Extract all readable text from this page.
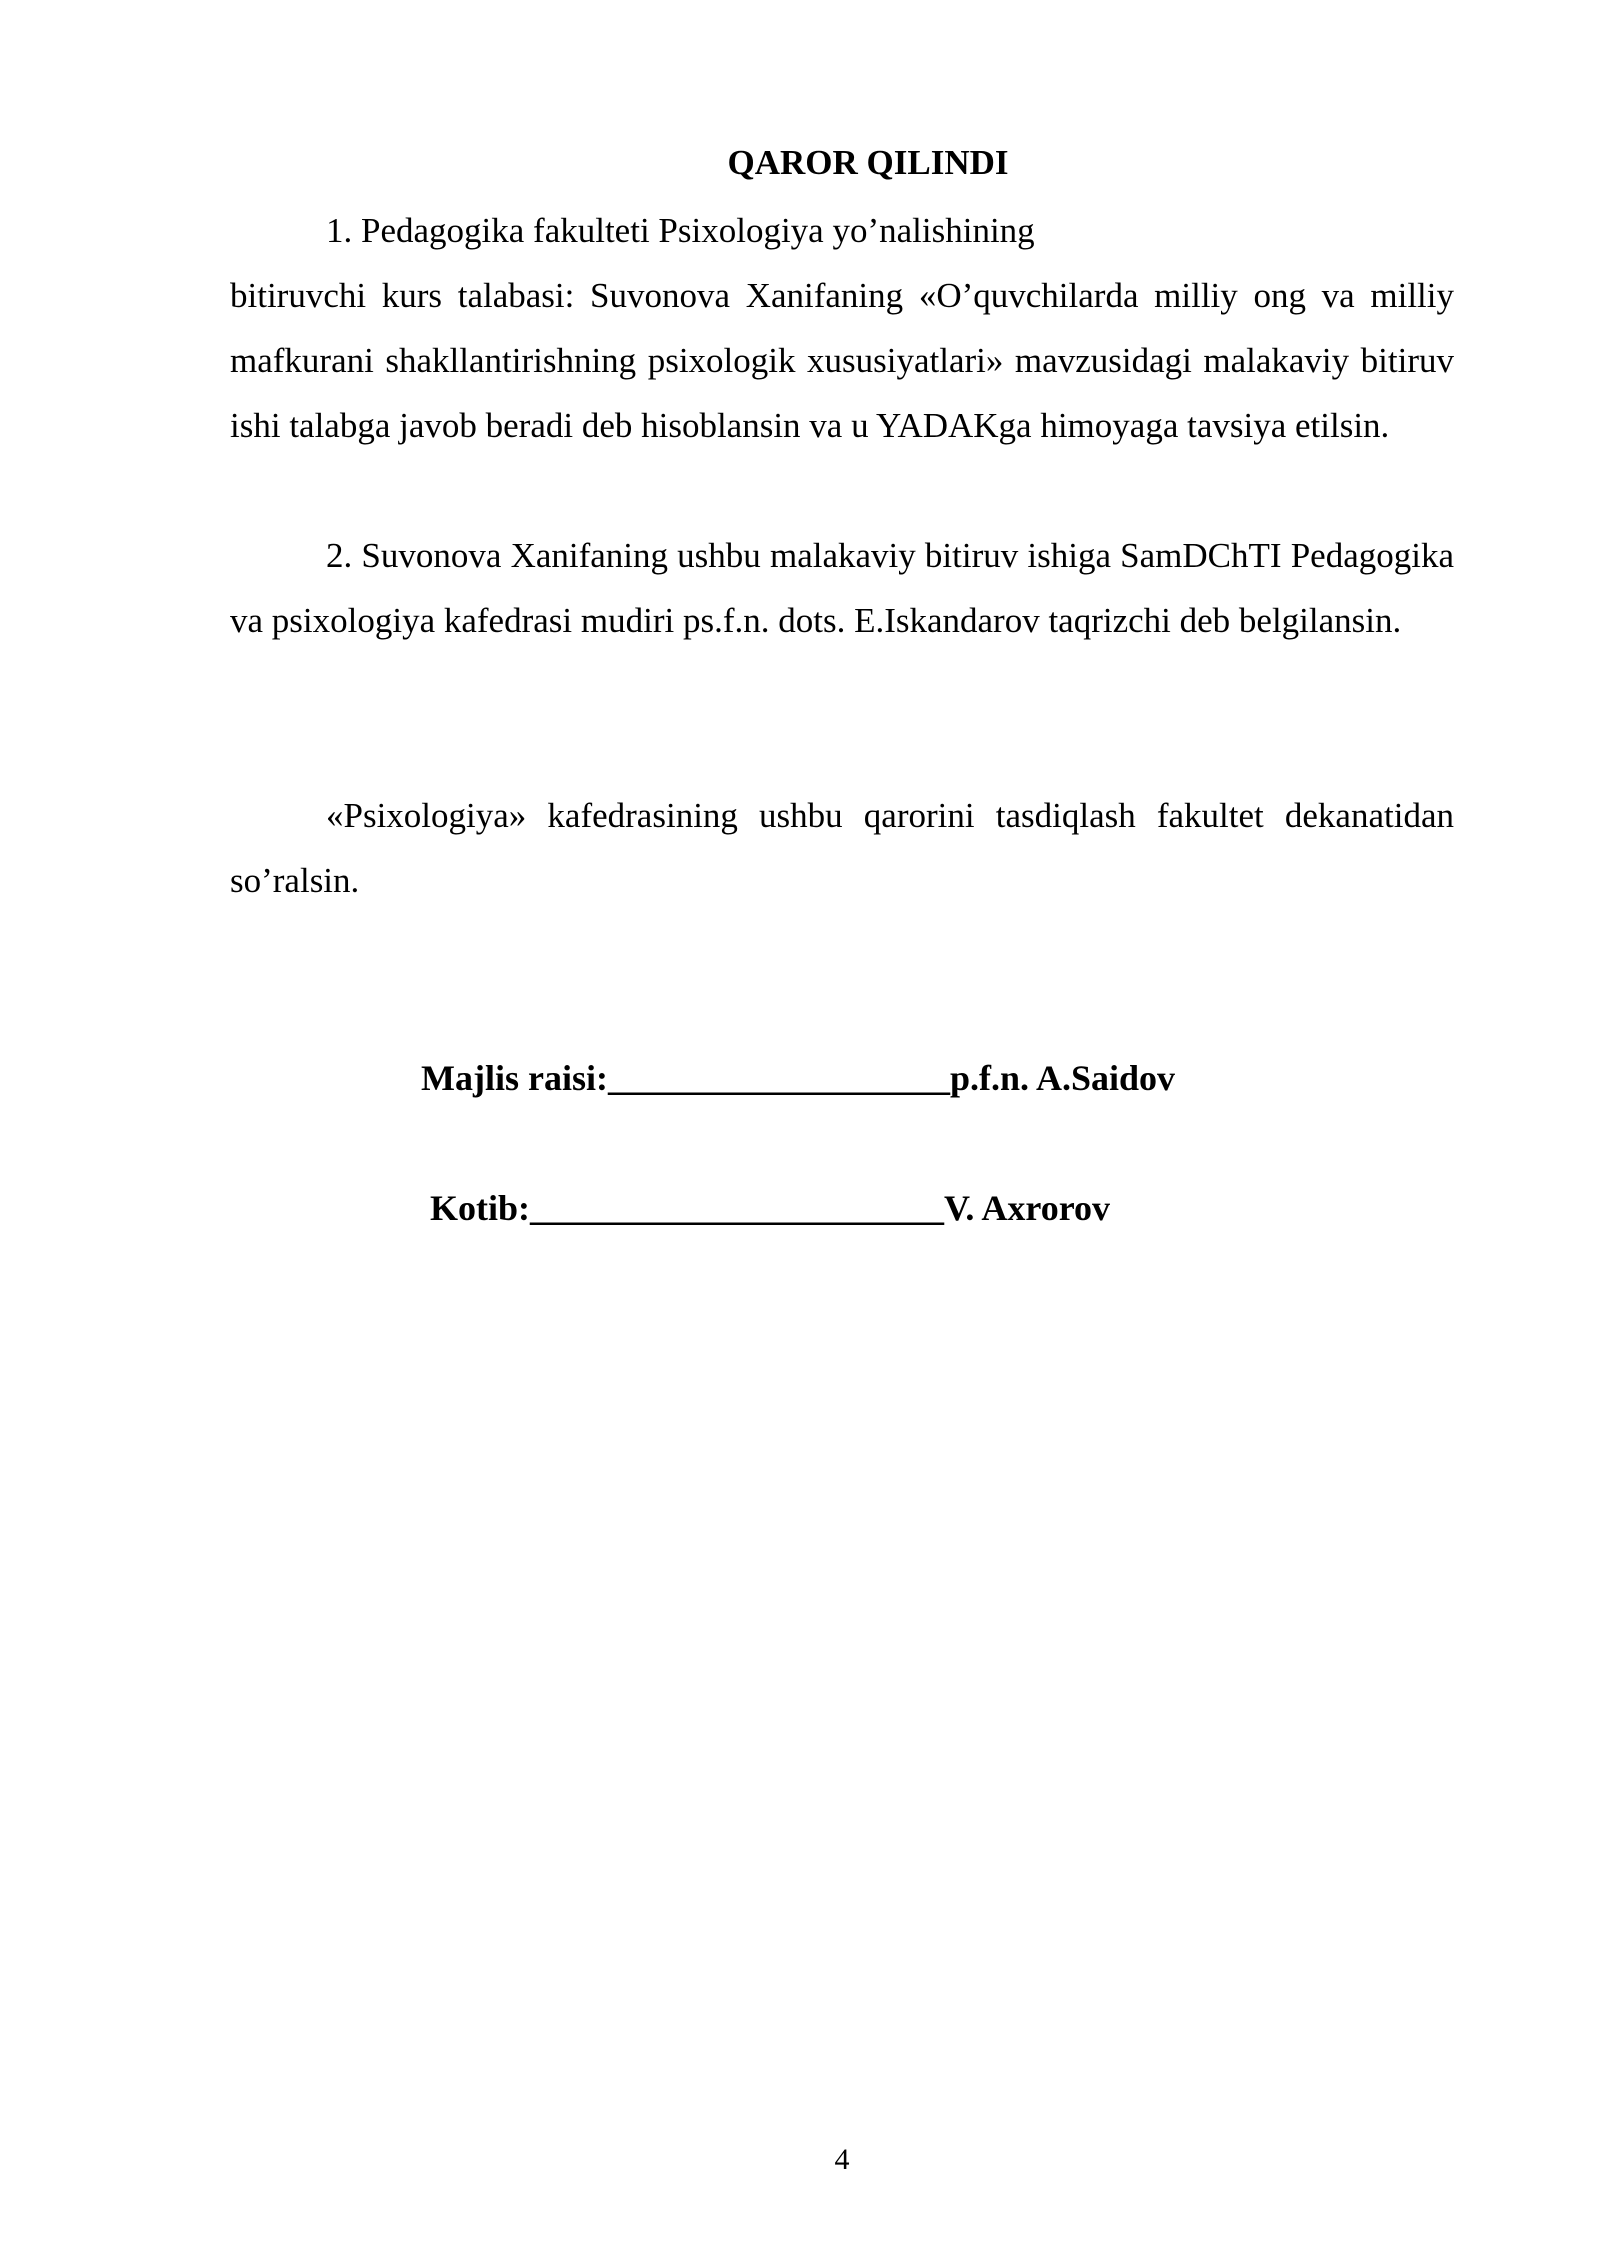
QAROR QILINDI

1. Pedagogika fakulteti Psixologiya yo’nalishining

bitiruvchi kurs talabasi: Suvonova Xanifaning «O’quvchilarda milliy ong va milliy mafkurani shakllantirishning psixologik xususiyatlari» mavzusidagi malakaviy bitiruv ishi talabga javob beradi deb hisoblansin va u YADAKga himoyaga tavsiya etilsin.

2. Suvonova Xanifaning ushbu malakaviy bitiruv ishiga SamDChTI Pedagogika va psixologiya kafedrasi mudiri ps.f.n. dots. E.Iskandarov taqrizchi deb belgilansin.

«Psixologiya» kafedrasining ushbu qarorini tasdiqlash fakultet dekanatidan so’ralsin.

Majlis raisi:___________________p.f.n. A.Saidov

Kotib:_______________________V. Axrorov

4
